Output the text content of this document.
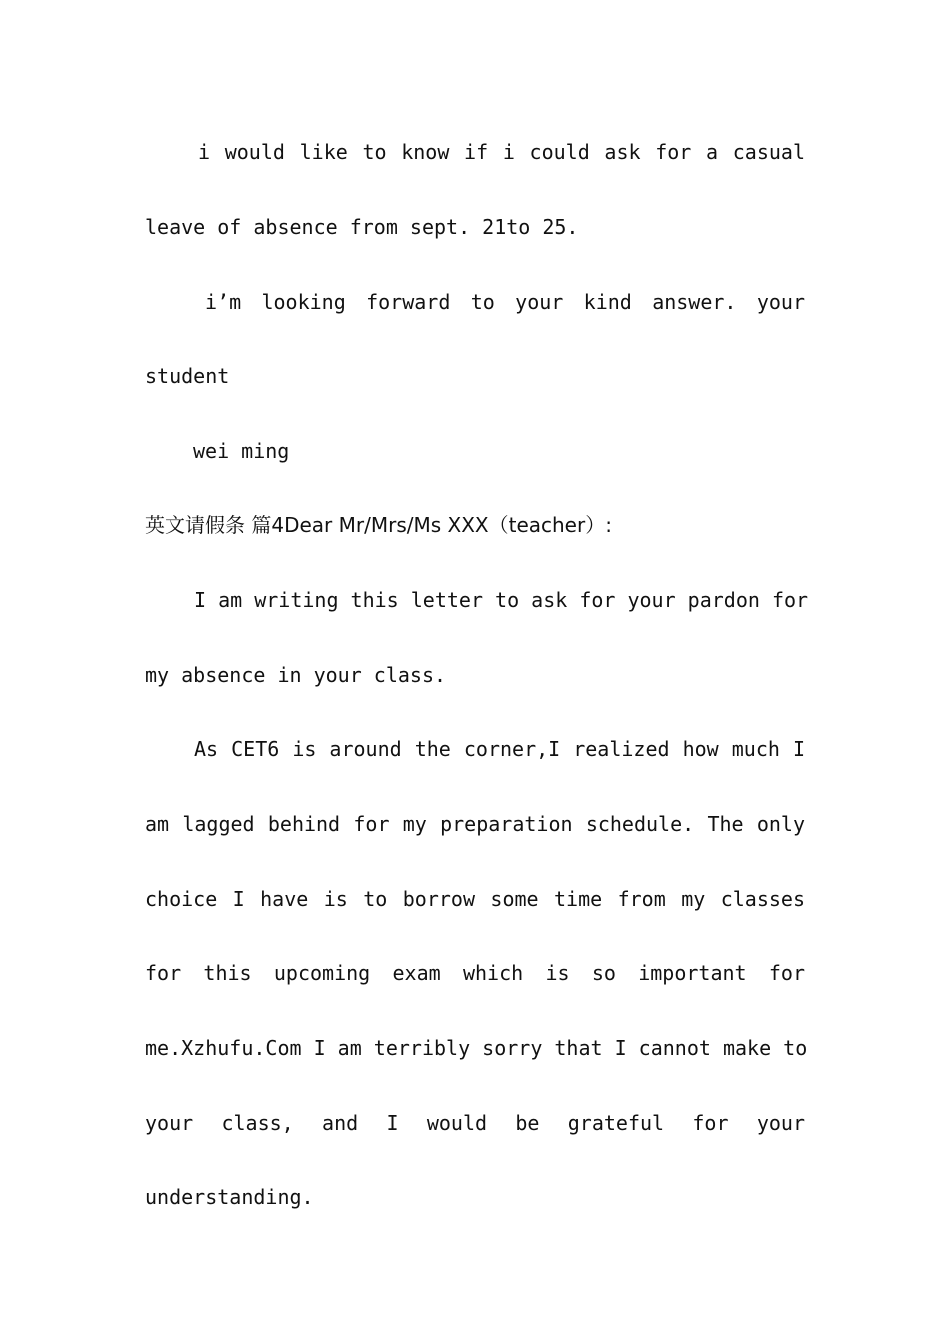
i would like to know if i could ask for a casual
leave of absence from sept. 21to 25.
i’m looking forward to your kind answer. your
student
wei ming
英文请假条 篇4Dear Mr/Mrs/Ms XXX（teacher）:
I am writing this letter to ask for your pardon for
my absence in your class.
As CET6 is around the corner,I realized how much I
am lagged behind for my preparation schedule. The only
choice I have is to borrow some time from my classes
for this upcoming exam which is so important for
me.Xzhufu.Com I am terribly sorry that I cannot make to
your class, and I would be grateful for your
understanding.
